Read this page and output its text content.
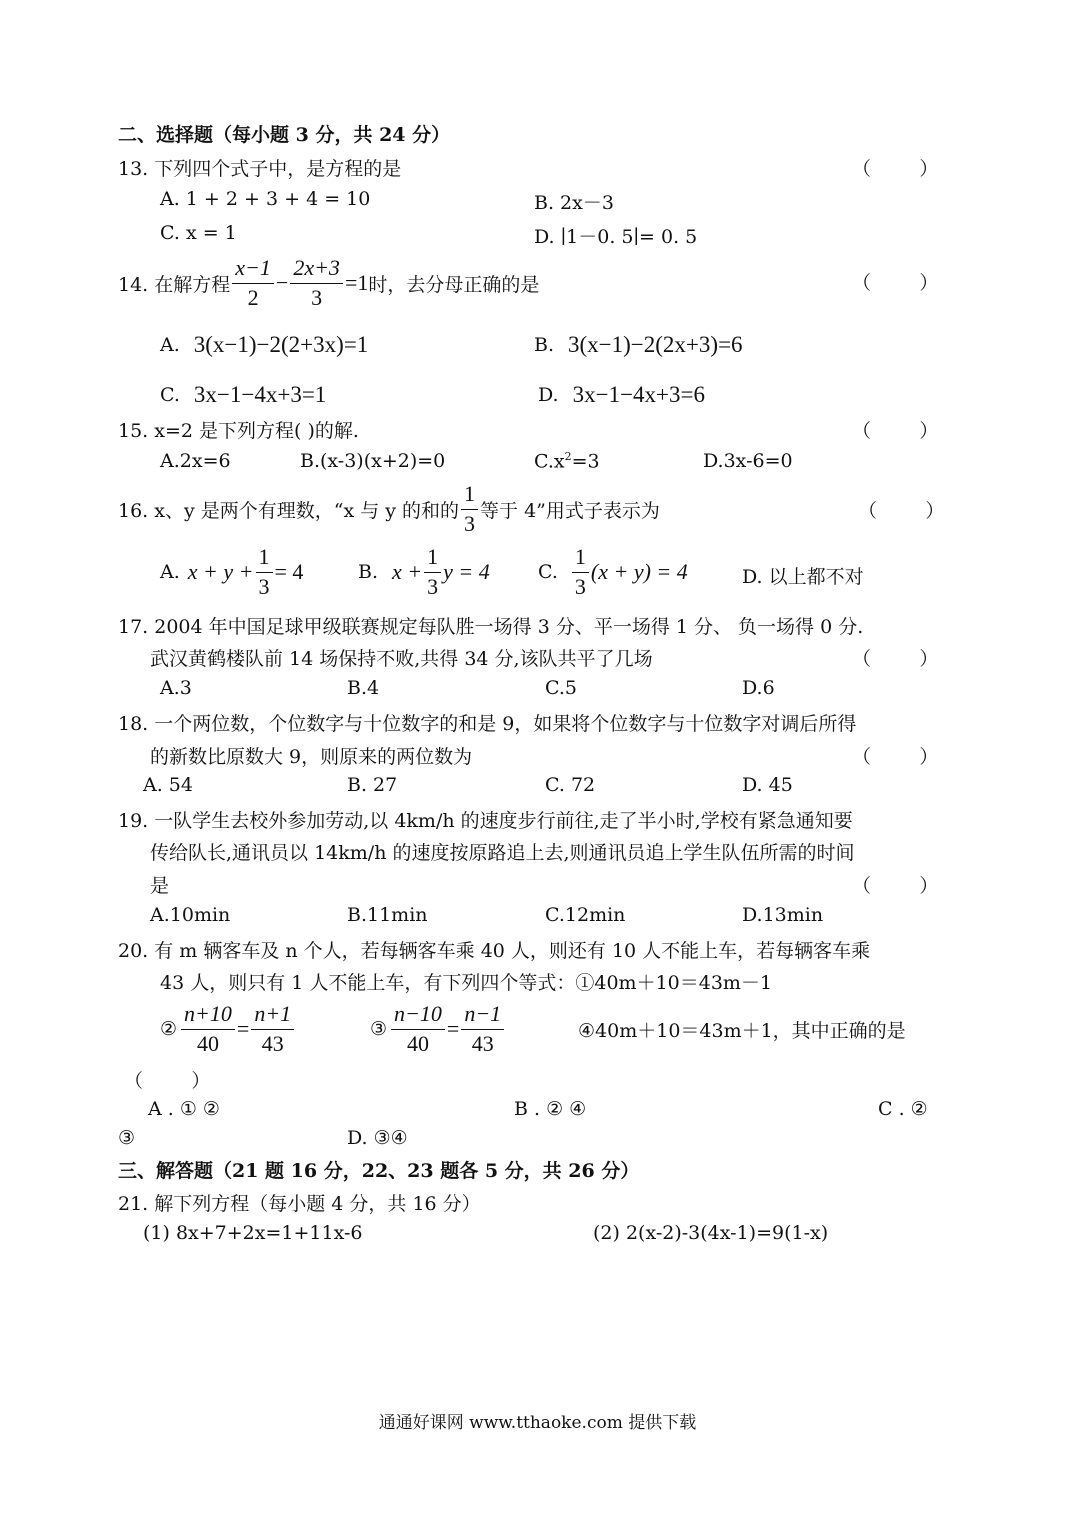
二、选择题（每小题 3 分，共 24 分）
13. 下列四个式子中，是方程的是	（        ）
A. 1 + 2 + 3 + 4 = 10	B. 2x－3
C. x = 1	D. ∣1－0. 5∣= 0. 5
14. 在解方程 $\frac{x-1}{2} - \frac{2x+3}{3} =1$ 时，去分母正确的是	（        ）
A. 3(x−1)−2(2+3x)=1	B. 3(x−1)−2(2x+3)=6
C. 3x−1−4x+3=1	D. 3x−1−4x+3=6
15. x=2 是下列方程( )的解.	（        ）
A.2x=6	B.(x-3)(x+2)=0	$C.x^2=3$	D.3x-6=0
16. x、y 是两个有理数，“x 与 y 的和的 $\frac{1}{3}$ 等于 4”用式子表示为	（        ）
A. $x + y + \frac{1}{3} = 4$	B. $x + \frac{1}{3}$ y = 4	C. $\frac{1}{3} (x + y) = 4$	D. 以上都不对
17. 2004 年中国足球甲级联赛规定每队胜一场得 3 分、平一场得 1 分、 负一场得 0 分.
武汉黄鹤楼队前 14 场保持不败,共得 34 分,该队共平了几场	（        ）
A.3	B.4	C.5	D.6
18. 一个两位数，个位数字与十位数字的和是 9，如果将个位数字与十位数字对调后所得
的新数比原数大 9，则原来的两位数为	（        ）
A. 54	B. 27	C. 72	D. 45
19. 一队学生去校外参加劳动,以 4km/h 的速度步行前往,走了半小时,学校有紧急通知要
传给队长,通讯员以 14km/h 的速度按原路追上去,则通讯员追上学生队伍所需的时间
是	（        ）
A.10min	B.11min	C.12min	D.13min
20. 有 m 辆客车及 n 个人，若每辆客车乘 40 人，则还有 10 人不能上车，若每辆客车乘
43 人，则只有 1 人不能上车，有下列四个等式：①40m＋10＝43m－1
② $\frac{n+10}{40} = \frac{n+1}{43}$	③ $\frac{n-10}{40} = \frac{n-1}{43}$	④40m＋10＝43m＋1，其中正确的是
（        ）
A . ① ②	B . ② ④	C . ②
③	D. ③④
三、解答题（21 题 16 分，22、23 题各 5 分，共 26 分）
21. 解下列方程（每小题 4 分，共 16 分）
(1) 8x+7+2x=1+11x-6	(2) 2(x-2)-3(4x-1)=9(1-x)
通通好课网 www.tthaoke.com 提供下载
